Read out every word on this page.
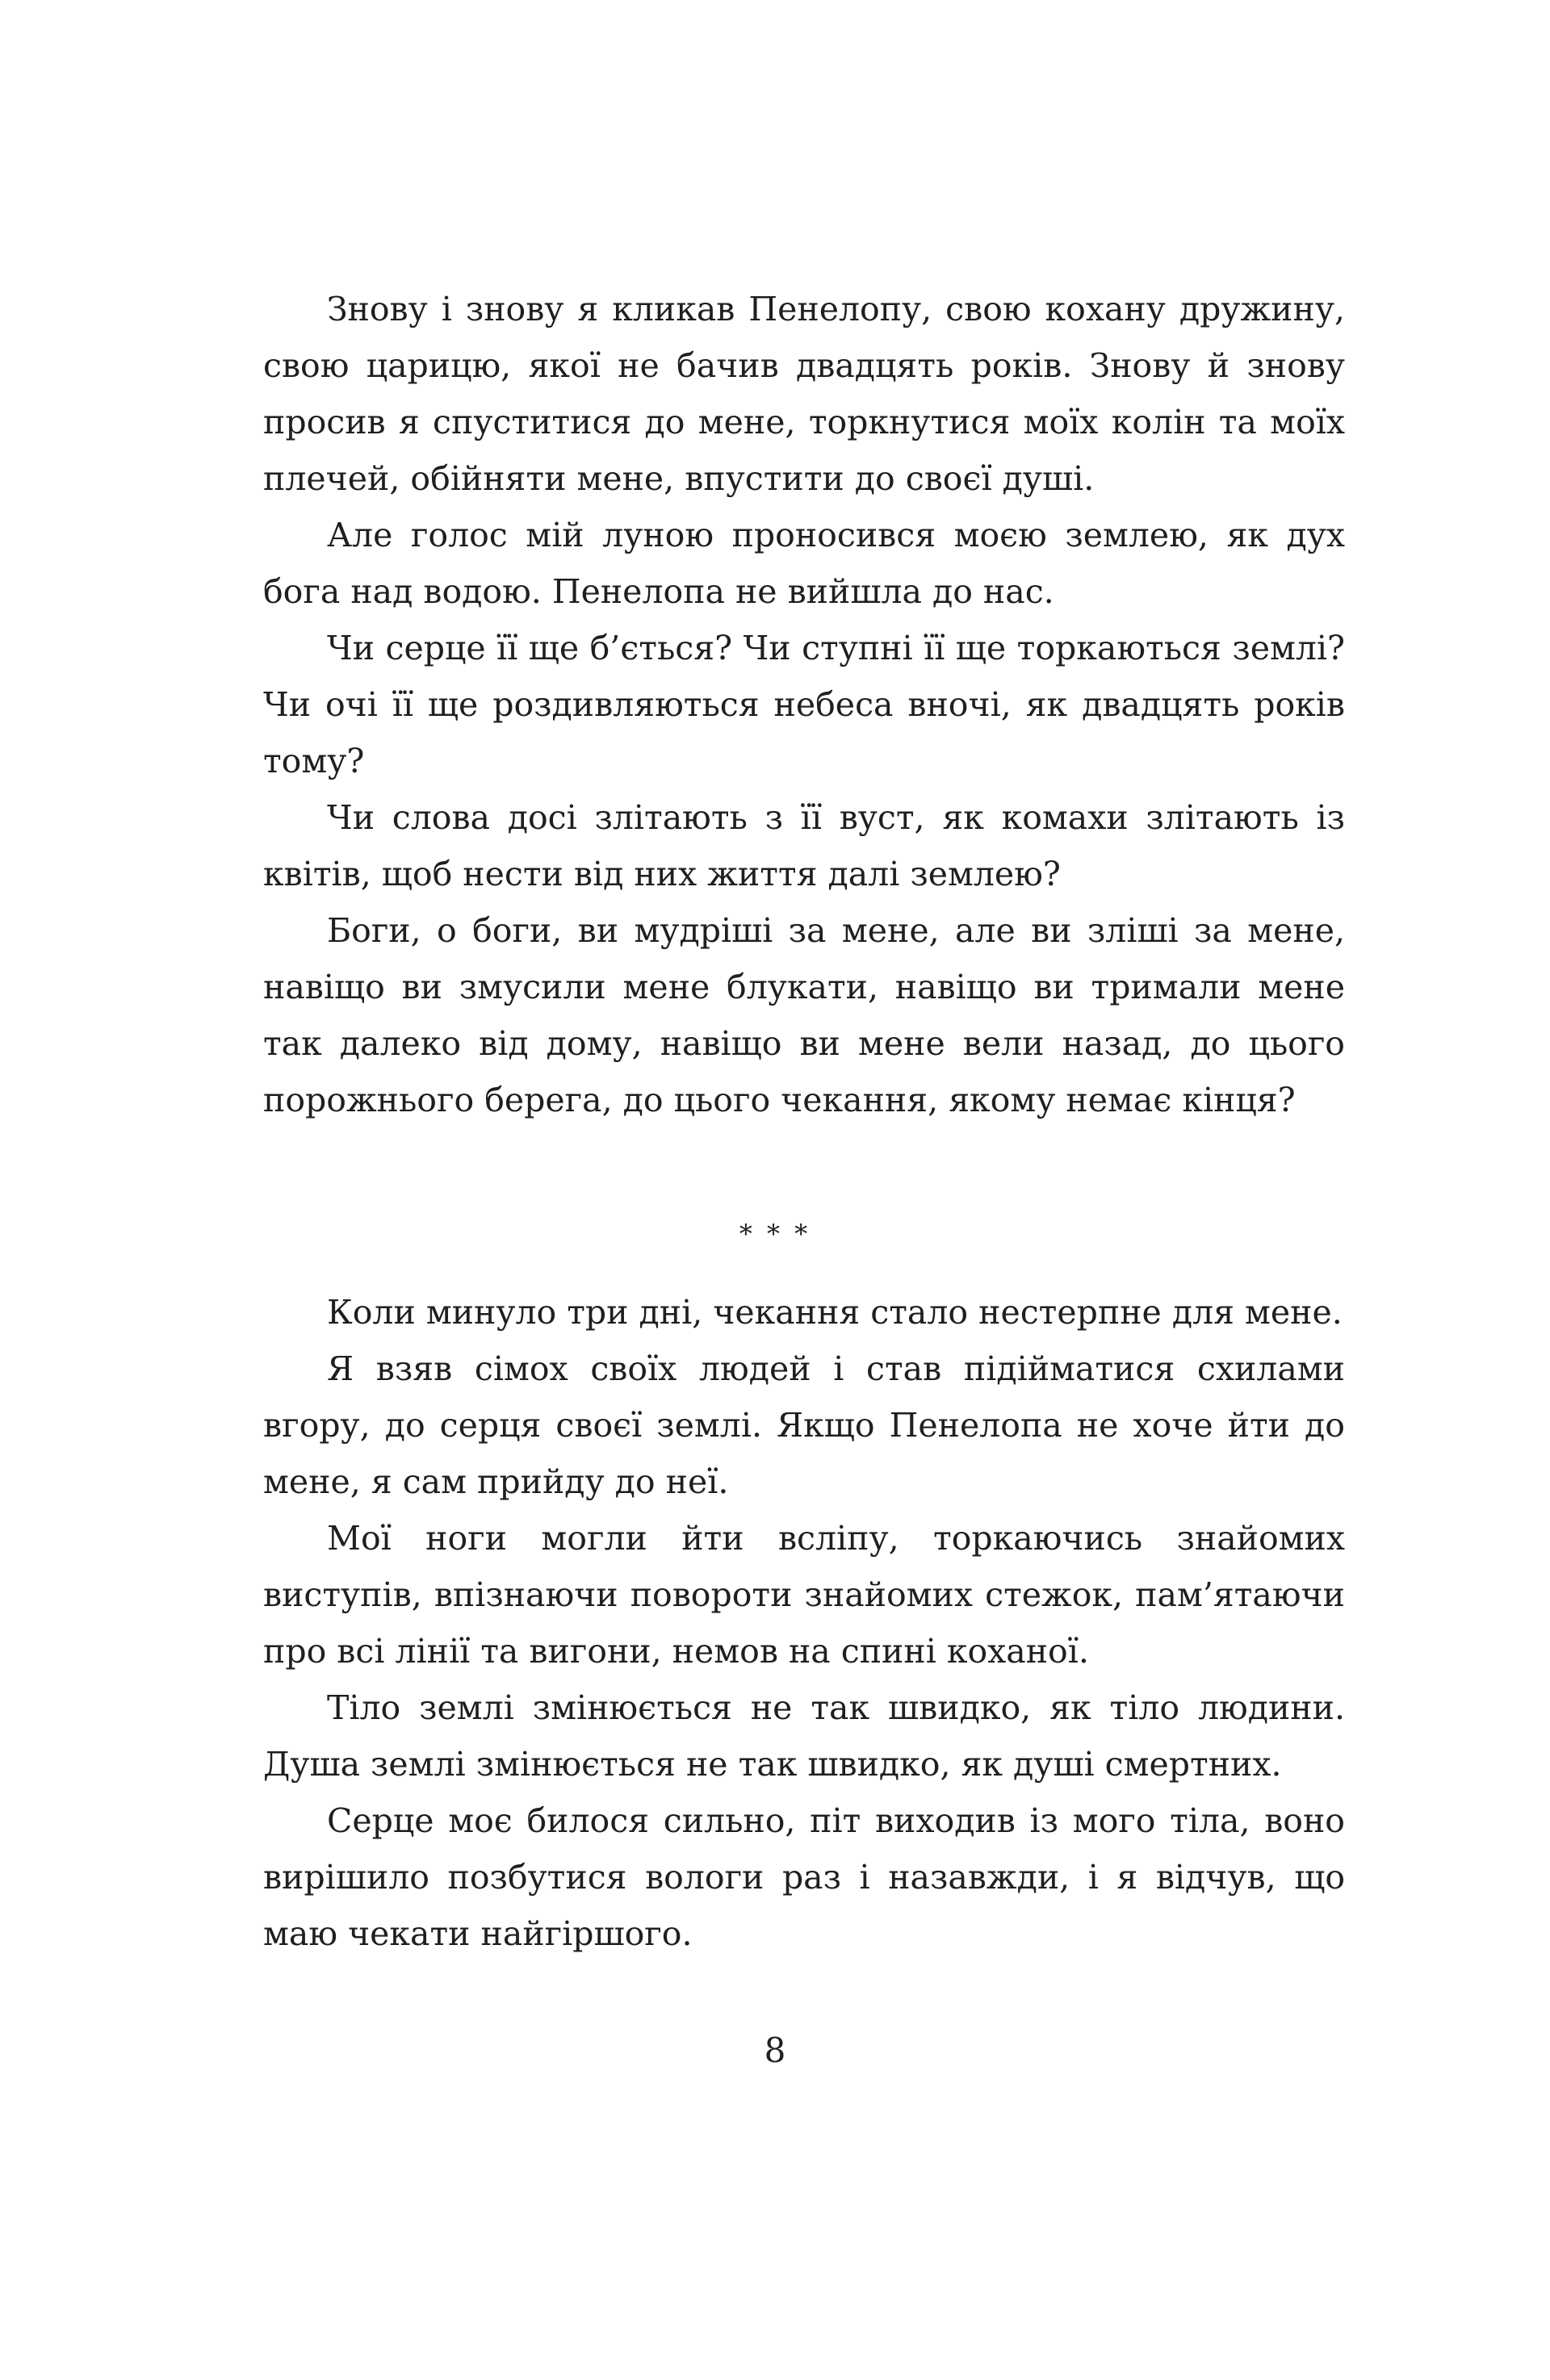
Знову і знову я кликав Пенелопу, свою кохану дружину, свою царицю, якої не бачив двадцять років. Знову й знову просив я спуститися до мене, торкнутися моїх колін та моїх плечей, обійняти мене, впустити до своєї душі.

Але голос мій луною проносився моєю землею, як дух бога над водою. Пенелопа не вийшла до нас.

Чи серце її ще б’ється? Чи ступні її ще торкаються землі? Чи очі її ще роздивляються небеса вночі, як двадцять років тому?

Чи слова досі злітають з її вуст, як комахи злітають із квітів, щоб нести від них життя далі землею?

Боги, о боги, ви мудріші за мене, але ви зліші за мене, навіщо ви змусили мене блукати, навіщо ви тримали мене так далеко від дому, навіщо ви мене вели назад, до цього порожнього берега, до цього чекання, якому немає кінця?

* * *

Коли минуло три дні, чекання стало нестерпне для мене.

Я взяв сімох своїх людей і став підійматися схилами вгору, до серця своєї землі. Якщо Пенелопа не хоче йти до мене, я сам прийду до неї.

Мої ноги могли йти всліпу, торкаючись знайомих виступів, впізнаючи повороти знайомих стежок, пам’ятаючи про всі лінії та вигони, немов на спині коханої.

Тіло землі змінюється не так швидко, як тіло людини. Душа землі змінюється не так швидко, як душі смертних.

Серце моє билося сильно, піт виходив із мого тіла, воно вирішило позбутися вологи раз і назавжди, і я відчув, що маю чекати найгіршого.

8
